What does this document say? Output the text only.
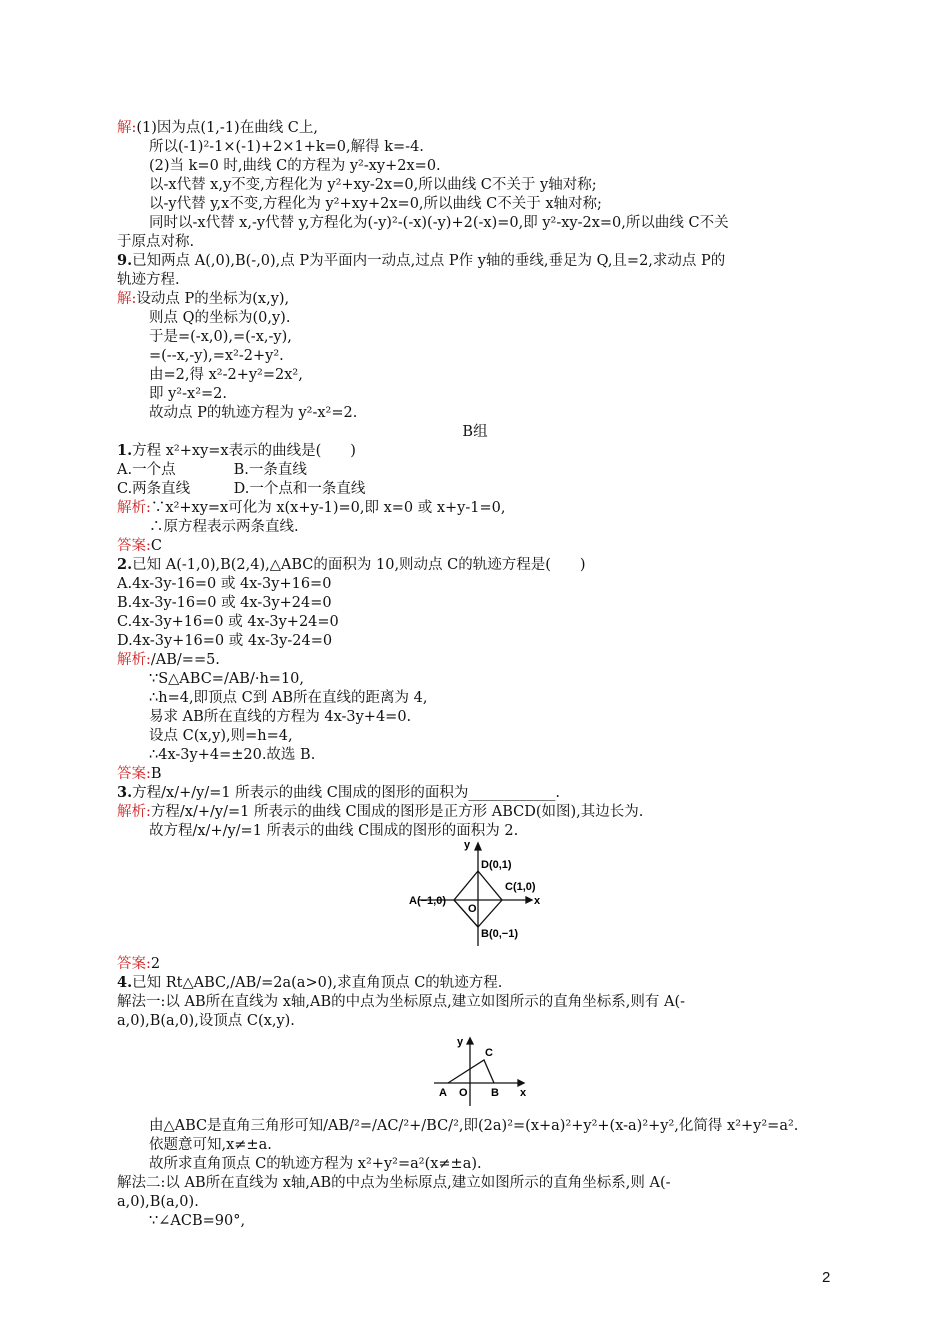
解:(1)因为点(1,-1)在曲线 C上,
所以(-1)²-1×(-1)+2×1+k=0,解得 k=-4.
(2)当 k=0 时,曲线 C的方程为 y²-xy+2x=0.
以-x代替 x,y不变,方程化为 y²+xy-2x=0,所以曲线 C不关于 y轴对称;
以-y代替 y,x不变,方程化为 y²+xy+2x=0,所以曲线 C不关于 x轴对称;
同时以-x代替 x,-y代替 y,方程化为(-y)²-(-x)(-y)+2(-x)=0,即 y²-xy-2x=0,所以曲线 C不关
于原点对称.
9.已知两点 A(,0),B(-,0),点 P为平面内一动点,过点 P作 y轴的垂线,垂足为 Q,且=2,求动点 P的
轨迹方程.
解:设动点 P的坐标为(x,y),
则点 Q的坐标为(0,y).
于是=(-x,0),=(-x,-y),
=(--x,-y),=x²-2+y².
由=2,得 x²-2+y²=2x²,
即 y²-x²=2.
故动点 P的轨迹方程为 y²-x²=2.
B组
1.方程 x²+xy=x表示的曲线是(　　)
A.一个点　　　　B.一条直线
C.两条直线　　　D.一个点和一条直线
解析:∵x²+xy=x可化为 x(x+y-1)=0,即 x=0 或 x+y-1=0,
∴原方程表示两条直线.
答案:C
2.已知 A(-1,0),B(2,4),△ABC的面积为 10,则动点 C的轨迹方程是(　　)
A.4x-3y-16=0 或 4x-3y+16=0
B.4x-3y-16=0 或 4x-3y+24=0
C.4x-3y+16=0 或 4x-3y+24=0
D.4x-3y+16=0 或 4x-3y-24=0
解析:/AB/==5.
∵S△ABC=/AB/·h=10,
∴h=4,即顶点 C到 AB所在直线的距离为 4,
易求 AB所在直线的方程为 4x-3y+4=0.
设点 C(x,y),则=h=4,
∴4x-3y+4=±20.故选 B.
答案:B
3.方程/x/+/y/=1 所表示的曲线 C围成的图形的面积为____________.
解析:方程/x/+/y/=1 所表示的曲线 C围成的图形是正方形 ABCD(如图),其边长为.
故方程/x/+/y/=1 所表示的曲线 C围成的图形的面积为 2.
y
x
O
D(0,1)
C(1,0)
A(−1,0)
B(0,−1)
答案:2
4.已知 Rt△ABC,/AB/=2a(a>0),求直角顶点 C的轨迹方程.
解法一:以 AB所在直线为 x轴,AB的中点为坐标原点,建立如图所示的直角坐标系,则有 A(-
a,0),B(a,0),设顶点 C(x,y).
y
x
A O B
C
由△ABC是直角三角形可知/AB/²=/AC/²+/BC/²,即(2a)²=(x+a)²+y²+(x-a)²+y²,化简得 x²+y²=a².
依题意可知,x≠±a.
故所求直角顶点 C的轨迹方程为 x²+y²=a²(x≠±a).
解法二:以 AB所在直线为 x轴,AB的中点为坐标原点,建立如图所示的直角坐标系,则 A(-
a,0),B(a,0).
∵∠ACB=90°,
2
